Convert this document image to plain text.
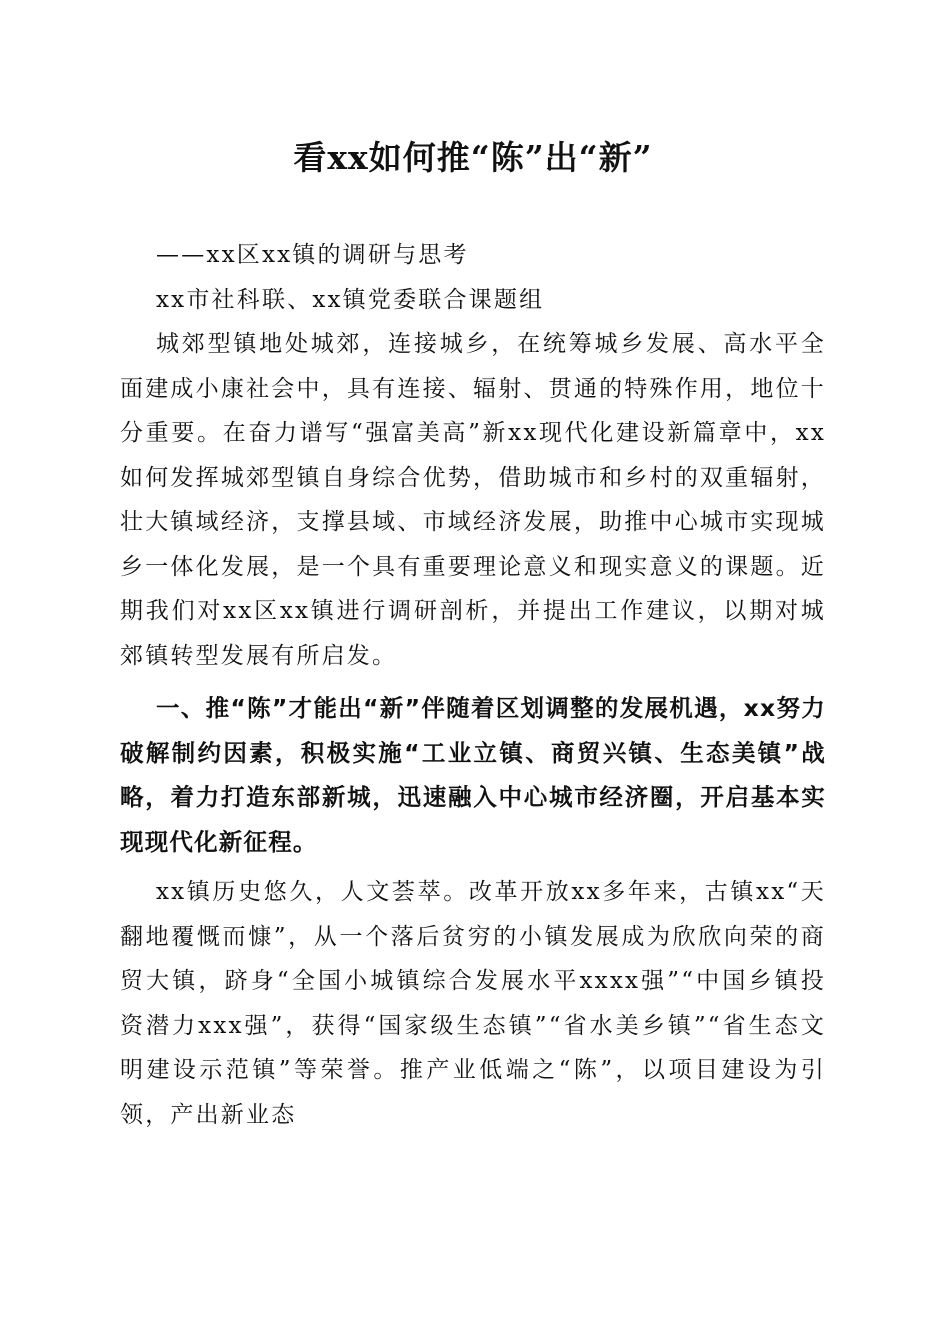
看xx如何推“陈”出“新”

——xx区xx镇的调研与思考

xx市社科联、xx镇党委联合课题组

城郊型镇地处城郊，连接城乡，在统筹城乡发展、高水平全面建成小康社会中，具有连接、辐射、贯通的特殊作用，地位十分重要。在奋力谱写“强富美高”新xx现代化建设新篇章中，xx如何发挥城郊型镇自身综合优势，借助城市和乡村的双重辐射，壮大镇域经济，支撑县域、市域经济发展，助推中心城市实现城乡一体化发展，是一个具有重要理论意义和现实意义的课题。近期我们对xx区xx镇进行调研剖析，并提出工作建议，以期对城郊镇转型发展有所启发。

一、推“陈”才能出“新”伴随着区划调整的发展机遇，xx努力破解制约因素，积极实施“工业立镇、商贸兴镇、生态美镇”战略，着力打造东部新城，迅速融入中心城市经济圈，开启基本实现现代化新征程。

xx镇历史悠久，人文荟萃。改革开放xx多年来，古镇xx“天翻地覆慨而慷”，从一个落后贫穷的小镇发展成为欣欣向荣的商贸大镇，跻身“全国小城镇综合发展水平xxxx强”“中国乡镇投资潜力xxx强”，获得“国家级生态镇”“省水美乡镇”“省生态文明建设示范镇”等荣誉。推产业低端之“陈”，以项目建设为引领，产出新业态
